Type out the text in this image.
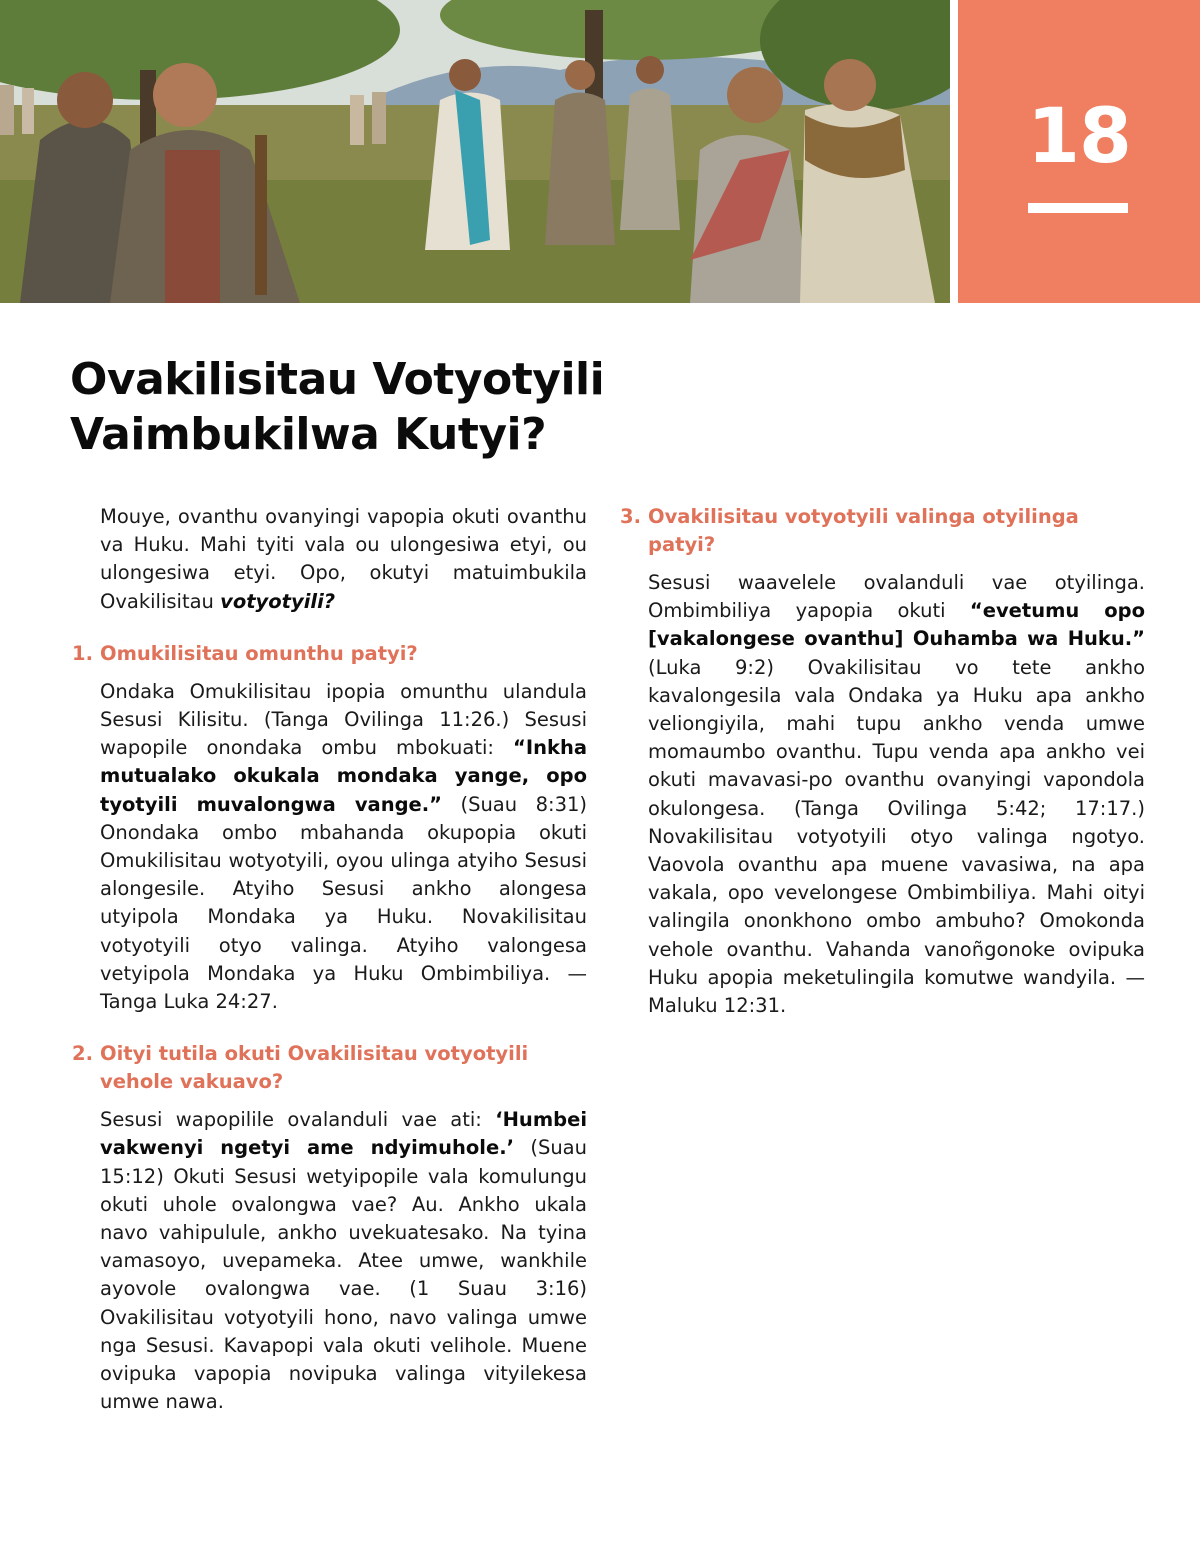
18
Ovakilisitau Votyotyili
Vaimbukilwa Kutyi?

Mouye, ovanthu ovanyingi vapopia okuti ovanthu va Huku. Mahi tyiti vala ou ulongesiwa etyi, ou ulongesiwa etyi. Opo, okutyi matuimbukila Ovakilisitau votyotyili?

1. Omukilisitau omunthu patyi?

Ondaka Omukilisitau ipopia omunthu ulandula Sesusi Kilisitu. (Tanga Ovilinga 11:26.) Sesusi wapopile onondaka ombu mbokuati: “Inkha mutualako okukala mondaka yange, opo tyotyili muvalongwa vange.” (Suau 8:31) Onondaka ombo mbahanda okupopia okuti Omukilisitau wotyotyili, oyou ulinga atyiho Sesusi alongesile. Atyiho Sesusi ankho alongesa utyipola Mondaka ya Huku. Novakilisitau votyotyili otyo valinga. Atyiho valongesa vetyipola Mondaka ya Huku Ombimbiliya. — Tanga Luka 24:27.

2. Oityi tutila okuti Ovakilisitau votyotyili vehole vakuavo?

Sesusi wapopilile ovalanduli vae ati: ‘Humbei vakwenyi ngetyi ame ndyimuhole.’ (Suau 15:12) Okuti Sesusi wetyipopile vala komulungu okuti uhole ovalongwa vae? Au. Ankho ukala navo vahipulule, ankho uvekuatesako. Na tyina vamasoyo, uvepameka. Atee umwe, wankhile ayovole ovalongwa vae. (1 Suau 3:16) Ovakilisitau votyotyili hono, navo valinga umwe nga Sesusi. Kavapopi vala okuti velihole. Muene ovipuka vapopia novipuka valinga vityilekesa umwe nawa.

3. Ovakilisitau votyotyili valinga otyilinga patyi?

Sesusi waavelele ovalanduli vae otyilinga. Ombimbiliya yapopia okuti “evetumu opo [vakalongese ovanthu] Ouhamba wa Huku.” (Luka 9:2) Ovakilisitau vo tete ankho kavalongesila vala Ondaka ya Huku apa ankho veliongiyila, mahi tupu ankho venda umwe momaumbo ovanthu. Tupu venda apa ankho vei okuti mavavasi-po ovanthu ovanyingi vapondola okulongesa. (Tanga Ovilinga 5:42; 17:17.) Novakilisitau votyotyili otyo valinga ngotyo. Vaovola ovanthu apa muene vavasiwa, na apa vakala, opo vevelongese Ombimbiliya. Mahi oityi valingila ononkhono ombo ambuho? Omokonda vehole ovanthu. Vahanda vanoñgonoke ovipuka Huku apopia meketulingila komutwe wandyila. — Maluku 12:31.
